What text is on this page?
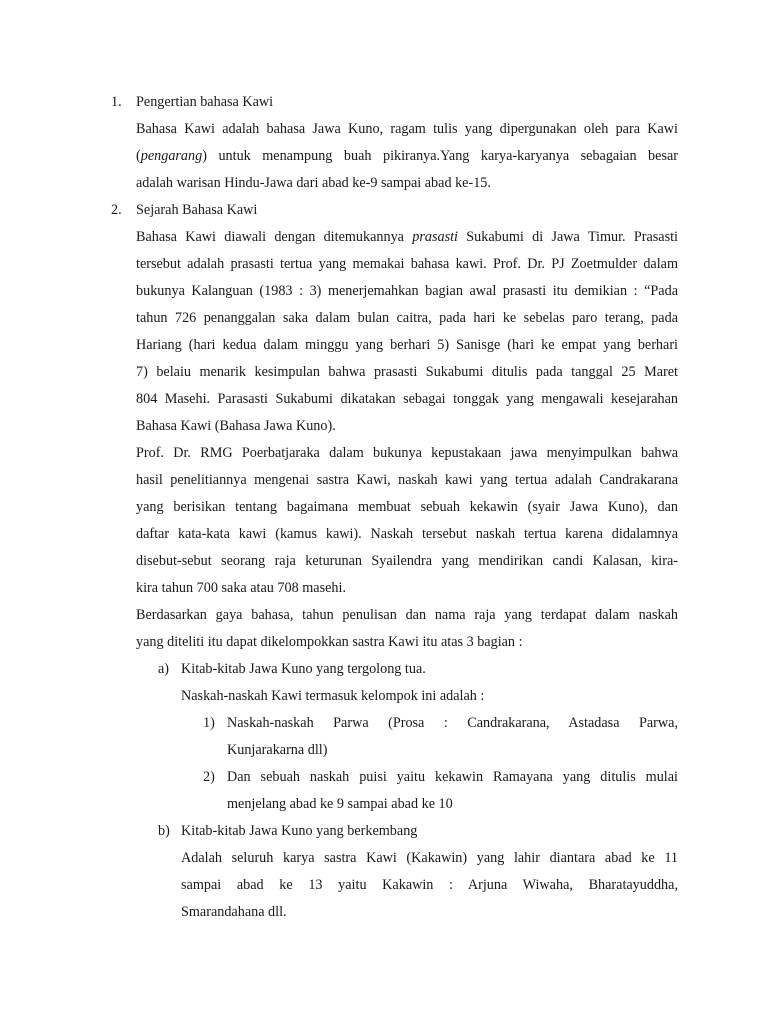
1. Pengertian bahasa Kawi
Bahasa Kawi adalah bahasa Jawa Kuno, ragam tulis yang dipergunakan oleh para Kawi
(pengarang) untuk menampung buah pikiranya.Yang karya-karyanya sebagaian besar
adalah warisan Hindu-Jawa dari abad ke-9 sampai abad ke-15.
2. Sejarah Bahasa Kawi
Bahasa Kawi diawali dengan ditemukannya prasasti Sukabumi di Jawa Timur. Prasasti
tersebut adalah prasasti tertua yang memakai bahasa kawi. Prof. Dr. PJ Zoetmulder dalam
bukunya Kalanguan (1983 : 3) menerjemahkan bagian awal prasasti itu demikian : “Pada
tahun 726 penanggalan saka dalam bulan caitra, pada hari ke sebelas paro terang, pada
Hariang (hari kedua dalam minggu yang berhari 5) Sanisge (hari ke empat yang berhari
7) belaiu menarik kesimpulan bahwa prasasti Sukabumi ditulis pada tanggal 25 Maret
804 Masehi. Parasasti Sukabumi dikatakan sebagai tonggak yang mengawali kesejarahan
Bahasa Kawi (Bahasa Jawa Kuno).
Prof. Dr. RMG Poerbatjaraka dalam bukunya kepustakaan jawa menyimpulkan bahwa
hasil penelitiannya mengenai sastra Kawi, naskah kawi yang tertua adalah Candrakarana
yang berisikan tentang bagaimana membuat sebuah kekawin (syair Jawa Kuno), dan
daftar kata-kata kawi (kamus kawi). Naskah tersebut naskah tertua karena didalamnya
disebut-sebut seorang raja keturunan Syailendra yang mendirikan candi Kalasan, kira-
kira tahun 700 saka atau 708 masehi.
Berdasarkan gaya bahasa, tahun penulisan dan nama raja yang terdapat dalam naskah
yang diteliti itu dapat dikelompokkan sastra Kawi itu atas 3 bagian :
a) Kitab-kitab Jawa Kuno yang tergolong tua.
Naskah-naskah Kawi termasuk kelompok ini adalah :
1) Naskah-naskah Parwa (Prosa : Candrakarana, Astadasa Parwa,
Kunjarakarna dll)
2) Dan sebuah naskah puisi yaitu kekawin Ramayana yang ditulis mulai
menjelang abad ke 9 sampai abad ke 10
b) Kitab-kitab Jawa Kuno yang berkembang
Adalah seluruh karya sastra Kawi (Kakawin) yang lahir diantara abad ke 11
sampai abad ke 13 yaitu Kakawin : Arjuna Wiwaha, Bharatayuddha,
Smarandahana dll.
